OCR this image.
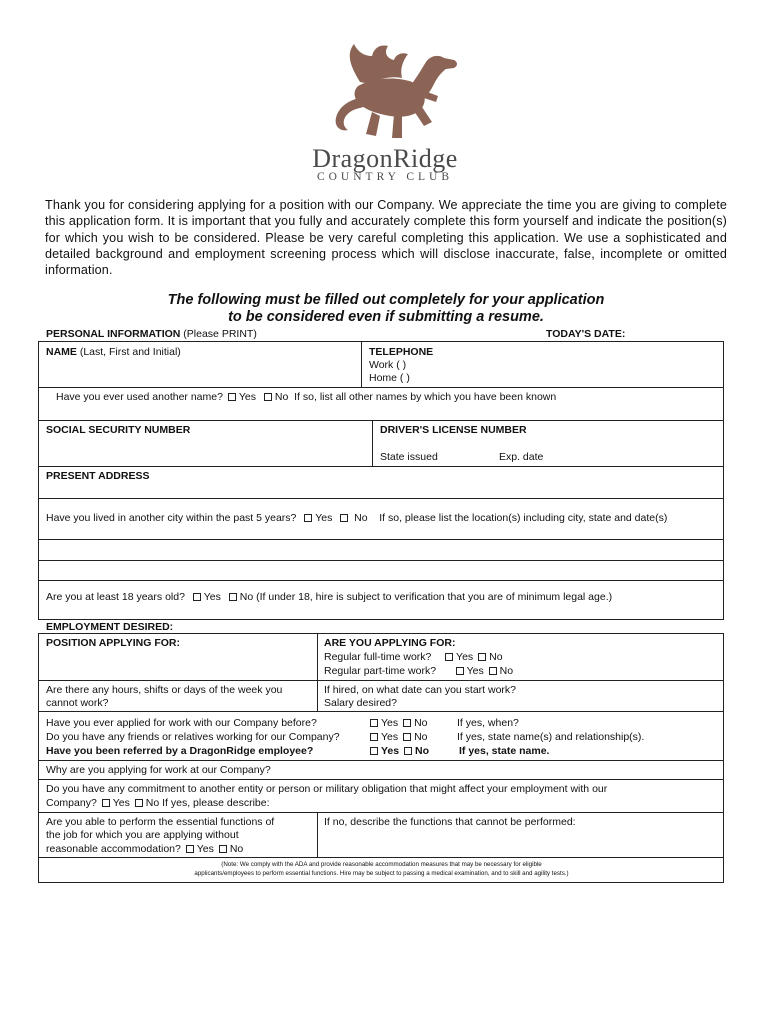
DragonRidge
COUNTRY CLUB
Thank you for considering applying for a position with our Company. We appreciate the time you are giving to complete this application form. It is important that you fully and accurately complete this form yourself and indicate the position(s) for which you wish to be considered. Please be very careful completing this application. We use a sophisticated and detailed background and employment screening process which will disclose inaccurate, false, incomplete or omitted information.
The following must be filled out completely for your application
to be considered even if submitting a resume.
PERSONAL INFORMATION (Please PRINT)	TODAY'S DATE:
NAME (Last, First and Initial)	TELEPHONE
Work ( )
Home ( )
Have you ever used another name? Yes No If so, list all other names by which you have been known
SOCIAL SECURITY NUMBER	DRIVER'S LICENSE NUMBER
State issued	Exp. date
PRESENT ADDRESS
Have you lived in another city within the past 5 years? Yes No If so, please list the location(s) including city, state and date(s)
Are you at least 18 years old? Yes No (If under 18, hire is subject to verification that you are of minimum legal age.)
EMPLOYMENT DESIRED:
POSITION APPLYING FOR:	ARE YOU APPLYING FOR:
Regular full-time work? Yes No
Regular part-time work?	Yes No
Are there any hours, shifts or days of the week you
cannot work?
If hired, on what date can you start work?
Salary desired?
Have you ever applied for work with our Company before?	Yes No	If yes, when?
Do you have any friends or relatives working for our Company?	Yes No	If yes, state name(s) and relationship(s).
Have you been referred by a DragonRidge employee?	Yes No	If yes, state name.
Why are you applying for work at our Company?
Do you have any commitment to another entity or person or military obligation that might affect your employment with our
Company? Yes No If yes, please describe:
Are you able to perform the essential functions of
the job for which you are applying without
reasonable accommodation? Yes No
If no, describe the functions that cannot be performed:
(Note: We comply with the ADA and provide reasonable accommodation measures that may be necessary for eligible
applicants/employees to perform essential functions. Hire may be subject to passing a medical examination, and to skill and agility tests.)
